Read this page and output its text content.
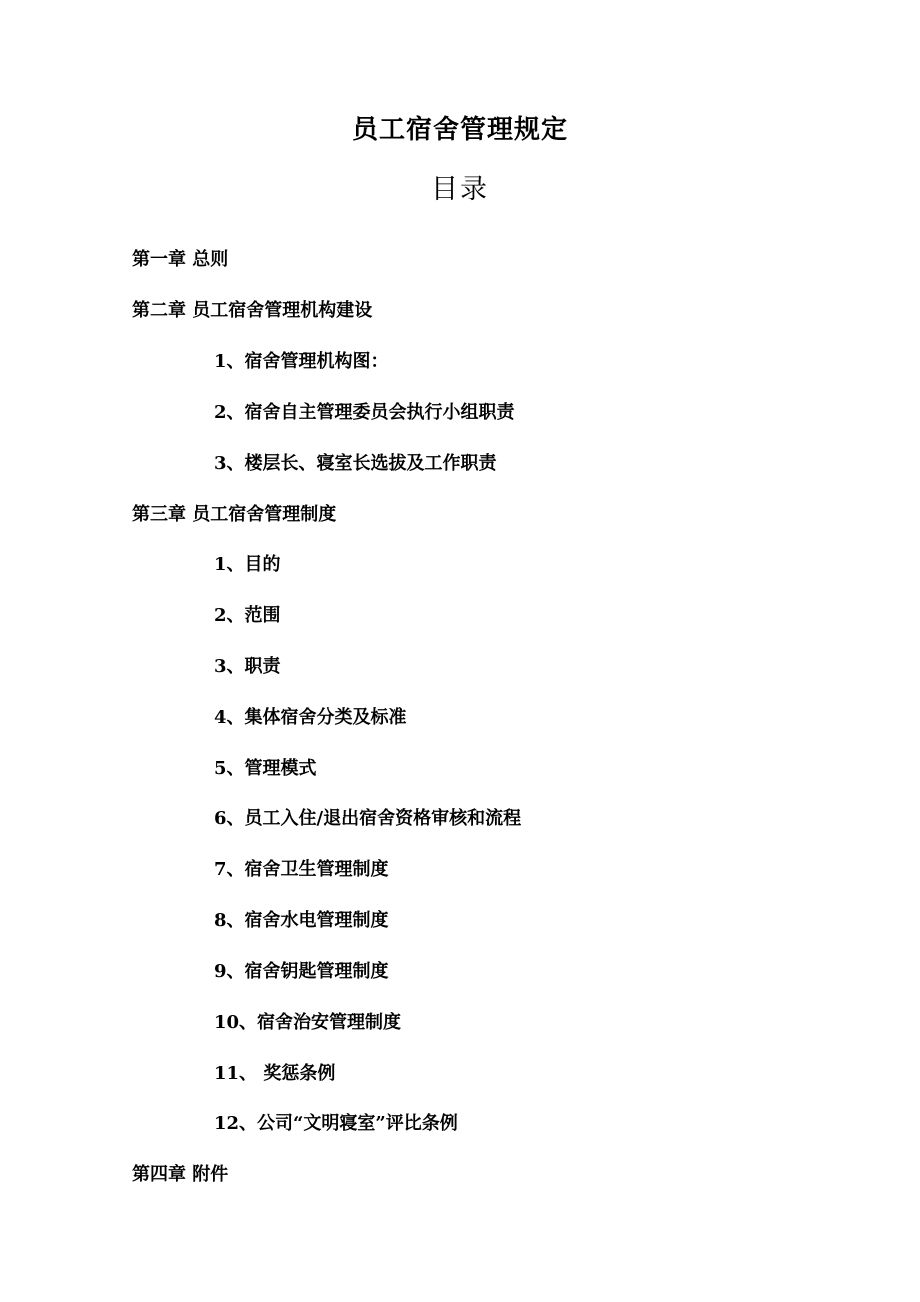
员工宿舍管理规定
目录
第一章 总则
第二章 员工宿舍管理机构建设
1、宿舍管理机构图：
2、宿舍自主管理委员会执行小组职责
3、楼层长、寝室长选拔及工作职责
第三章 员工宿舍管理制度
1、目的
2、范围
3、职责
4、集体宿舍分类及标准
5、管理模式
6、员工入住/退出宿舍资格审核和流程
7、宿舍卫生管理制度
8、宿舍水电管理制度
9、宿舍钥匙管理制度
10、宿舍治安管理制度
11、 奖惩条例
12、公司“文明寝室”评比条例
第四章 附件
